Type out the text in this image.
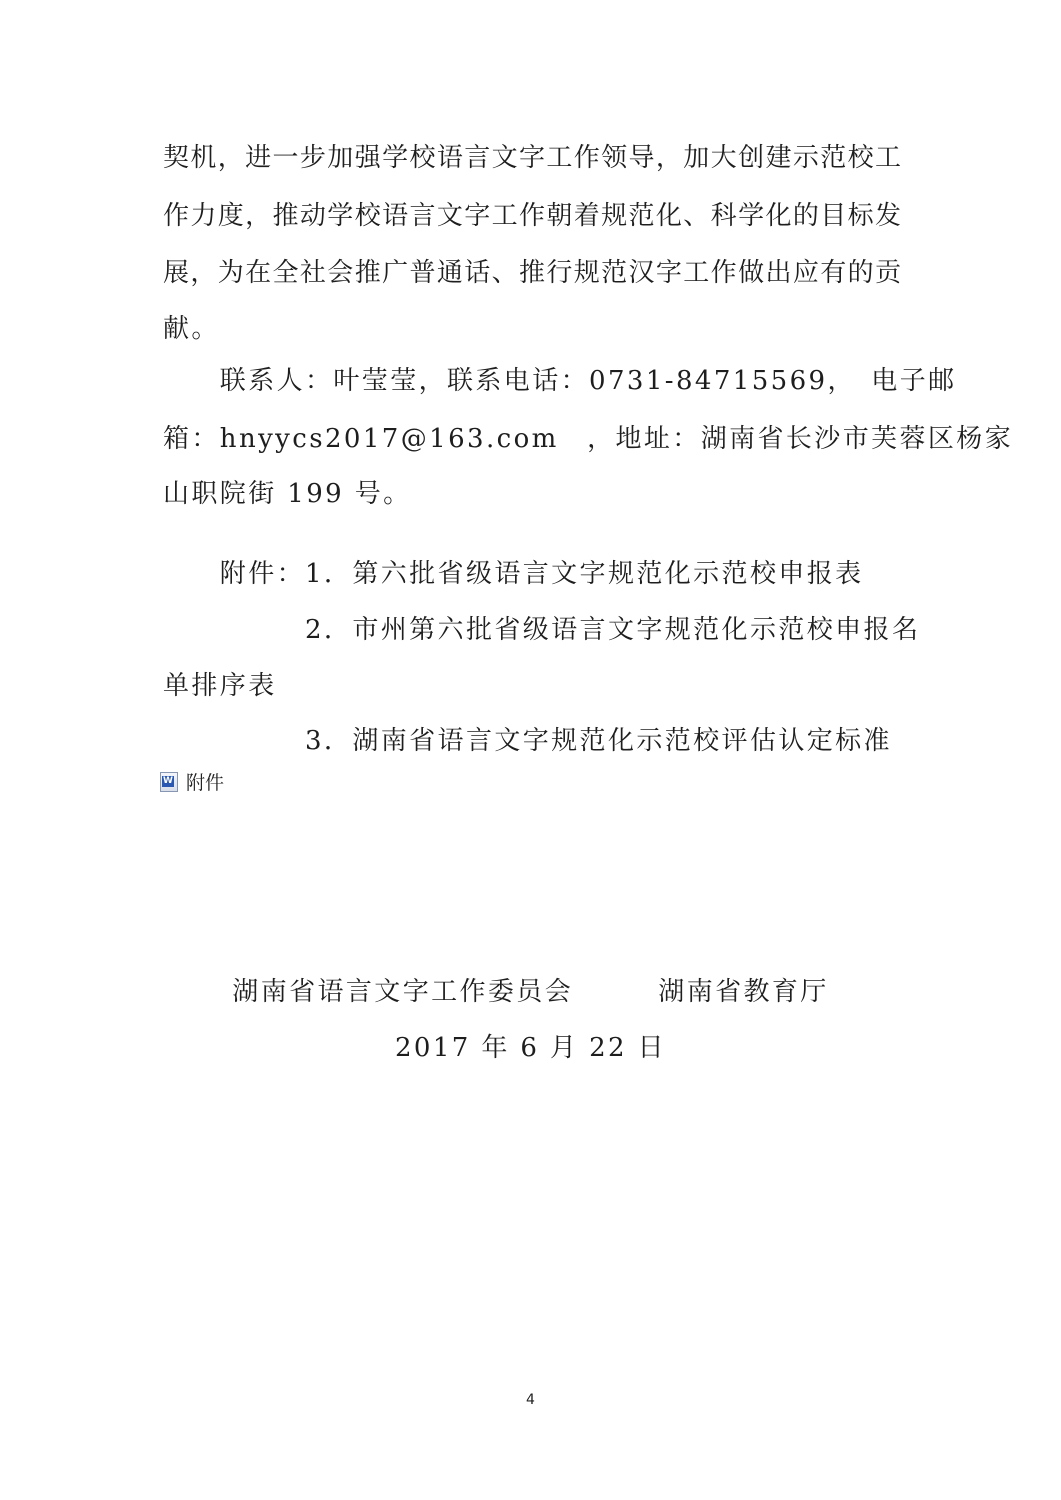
契机，进一步加强学校语言文字工作领导，加大创建示范校工
作力度，推动学校语言文字工作朝着规范化、科学化的目标发
展，为在全社会推广普通话、推行规范汉字工作做出应有的贡
献。
　　联系人：叶莹莹，联系电话：0731-84715569，　电子邮
箱：hnyycs2017@163.com　，地址：湖南省长沙市芙蓉区杨家
山职院街 199 号。
　　附件：1．第六批省级语言文字规范化示范校申报表
　　　　　2．市州第六批省级语言文字规范化示范校申报名
单排序表
　　　　　3．湖南省语言文字规范化示范校评估认定标准
W
附件
湖南省语言文字工作委员会　　　湖南省教育厅
2017 年 6 月 22 日
4
